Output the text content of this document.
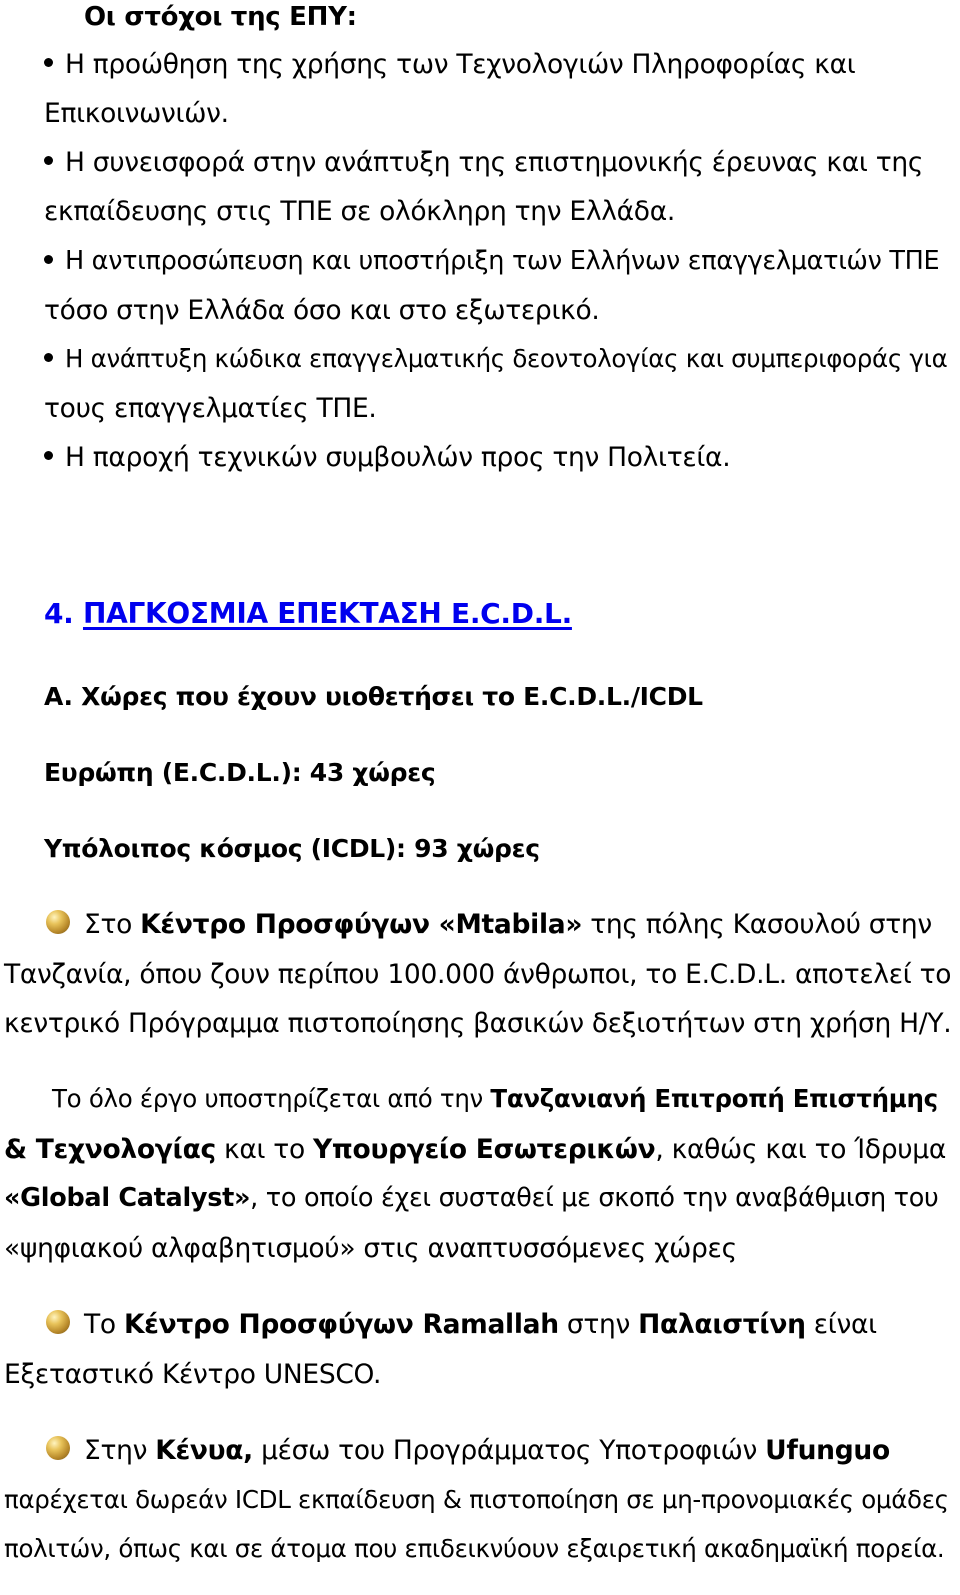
Οι στόχοι της ΕΠΥ:
Η προώθηση της χρήσης των Τεχνολογιών Πληροφορίας και
Επικοινωνιών.
Η συνεισφορά στην ανάπτυξη της επιστημονικής έρευνας και της
εκπαίδευσης στις ΤΠΕ σε ολόκληρη την Ελλάδα.
Η αντιπροσώπευση και υποστήριξη των Ελλήνων επαγγελματιών ΤΠΕ
τόσο στην Ελλάδα όσο και στο εξωτερικό.
Η ανάπτυξη κώδικα επαγγελματικής δεοντολογίας και συμπεριφοράς για
τους επαγγελματίες ΤΠΕ.
Η παροχή τεχνικών συμβουλών προς την Πολιτεία.
4. ΠΑΓΚΟΣΜΙΑ ΕΠΕΚΤΑΣΗ E.C.D.L.
A. Χώρες που έχουν υιοθετήσει το E.C.D.L./ICDL
Ευρώπη (E.C.D.L.): 43 χώρες
Υπόλοιπος κόσμος (ICDL): 93 χώρες
Στο Κέντρο Προσφύγων «Mtabila» της πόλης Κασουλού στην
Τανζανία, όπου ζουν περίπου 100.000 άνθρωποι, το E.C.D.L. αποτελεί το
κεντρικό Πρόγραμμα πιστοποίησης βασικών δεξιοτήτων στη χρήση Η/Υ.
Το όλο έργο υποστηρίζεται από την Τανζανιανή Επιτροπή Επιστήμης
& Τεχνολογίας και το Υπουργείο Εσωτερικών, καθώς και το Ίδρυμα
«Global Catalyst», το οποίο έχει συσταθεί με σκοπό την αναβάθμιση του
«ψηφιακού αλφαβητισμού» στις αναπτυσσόμενες χώρες
Το Κέντρο Προσφύγων Ramallah στην Παλαιστίνη είναι
Εξεταστικό Κέντρο UNESCO.
Στην Κένυα, μέσω του Προγράμματος Υποτροφιών Ufunguo
παρέχεται δωρεάν ICDL εκπαίδευση & πιστοποίηση σε μη-προνομιακές ομάδες
πολιτών, όπως και σε άτομα που επιδεικνύουν εξαιρετική ακαδημαϊκή πορεία.
